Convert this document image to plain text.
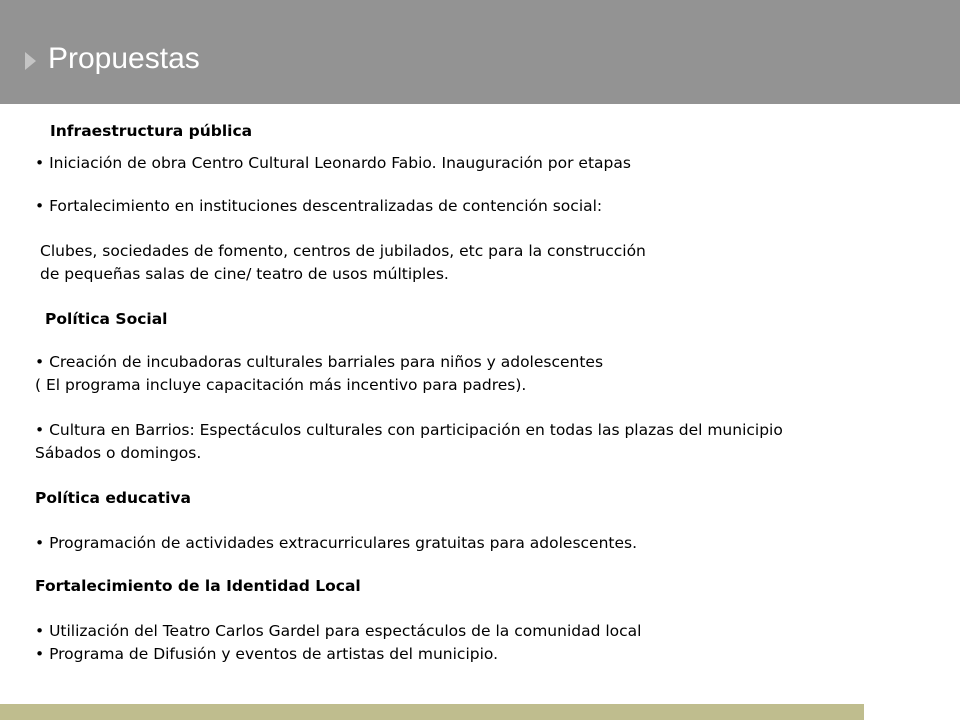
Propuestas
Infraestructura pública
• Iniciación de obra Centro Cultural Leonardo Fabio. Inauguración por etapas
• Fortalecimiento en instituciones descentralizadas de contención social:
Clubes, sociedades de fomento, centros de jubilados, etc para la construcción
de pequeñas salas de cine/ teatro de usos múltiples.
Política Social
• Creación de incubadoras culturales barriales para niños y adolescentes
( El programa incluye capacitación más incentivo para padres).
• Cultura en Barrios: Espectáculos culturales con participación en todas las plazas del municipio
Sábados o domingos.
Política educativa
• Programación de actividades extracurriculares gratuitas para adolescentes.
Fortalecimiento de la Identidad Local
• Utilización del Teatro Carlos Gardel para espectáculos de la comunidad local
• Programa de Difusión y eventos de artistas del municipio.
